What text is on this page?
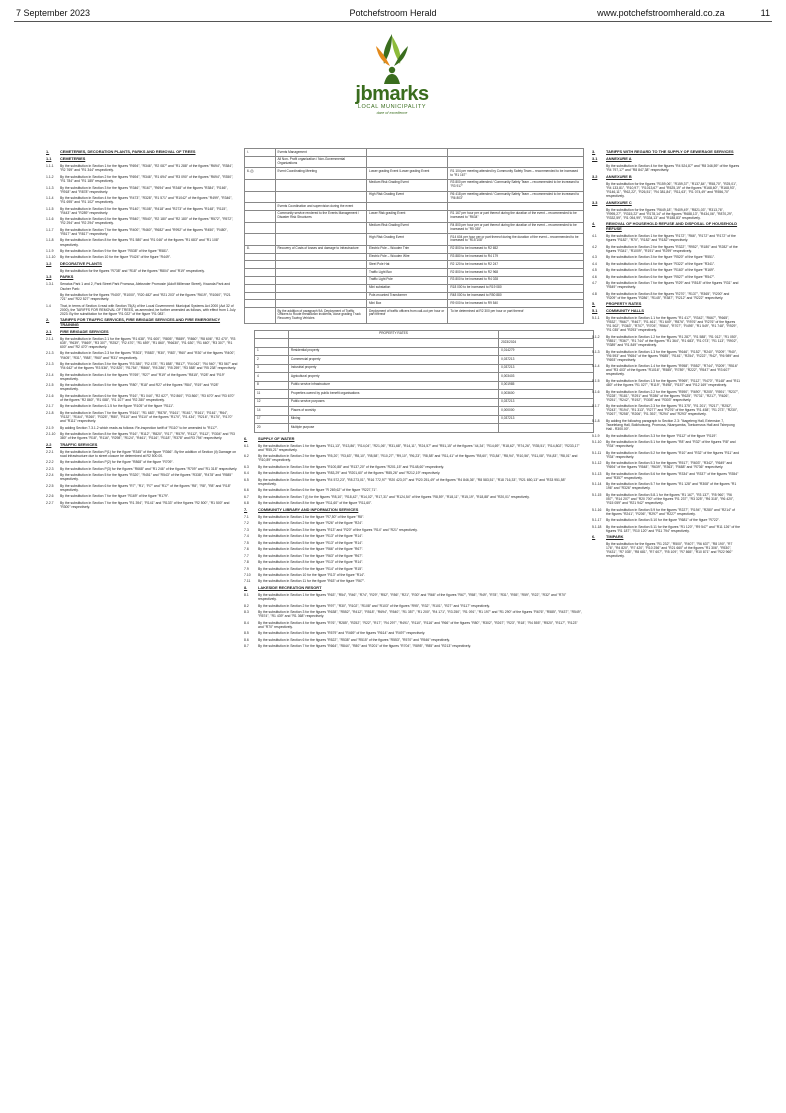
7 September 2023	Potchefstroom Herald	www.potchefstroomherald.co.za	11
jbmarks
LOCAL MUNICIPALITY
dare of excellence
1.	CEMETERIES, DECORATION PLANTS, PARKS AND REMOVAL OF TREES
1.1	CEMETERIES
1.1.1	By the substitution in Section 1 for the figures "R694", "R346", "R2 087" and "R1 288" of the figures "R694", "R384", "R2 769" and "R1 344" respectively.
1.1.2	By the substitution in Section 2 for the figures "R694", "R346", "R1 694" and "R3 090" of the figures "R694", "R350", "R1 784" and "R1 185" respectively.
1.1.3	By the substitution in Section 3 for the figures "R346", "R167", "R694" and "R348" of the figures "R384", "R166", "R918" and "R878" respectively.
1.1.4	By the substitution in Section 4 for the figures "R473", "R328", "R1 571" and "R1042" of the figures "R499", "R346", "R1 695" and "R1 102" respectively.
1.1.5	By the substitution in Section 5 for the figures "R140", "R108", "R418" and "R273" of the figures "R148", "R115", "R443" and "R289" respectively.
1.1.6	By the substitution in Section 6 for the figures "R540", "R540", "R2 180" and "R2 180" of the figures "R572", "R572", "R2 294" and "R2 294" respectively.
1.1.7	By the substitution in Section 7 for the figures "R400", "R460", "R682" and "R992" of the figures "R450", "R480", "R517" and "R817" respectively.
1.1.8	By the substitution in Section 8 for the figures "R1 580" and "R1 046" of the figures "R1 683" and "R1 108" respectively.
1.1.9	By the substitution in Section 9 for the figure "R538" of the figure "R581".
1.1.10	By the substitution in Section 10 for the figure "R424" of the figure "R449".
1.2	DECORATIVE PLANTS
By the substitution for the figures "R738" and "R18" of the figures "R804" and "R19" respectively.
1.3	PARKS
1.3.1	Senatus Park 1 and 2, Park Street Park Promosa, Aleksnder Promosie (Adolf Millerose Street), Kwanda Park and Oscher Park:
By the substitution for the figures "R400", "R1000", "R20 482" and "R21 203" of the figures "R619", "R1060", "R21 721" and "R22 527" respectively.
1.4	That, in terms of Section 4 read with Section 75(A) of the Local Government: Municipal Systems Act 2000 (Act 32 of 2000), the TARIFFS FOR REMOVAL OF TREES, as amended, be further amended as follows, with effect from 1 July 2023: By the substitution for the figure "R1 022" of the figure "R1 083".
2.	TARIFFS FOR TRAFFIC SERVICES, FIRE BRIGADE SERVICES AND FIRE EMERGENCY TRAINING
2.1	FIRE BRIGADE SERVICES
2.1.1	By the substitution in Section 2.1 for the figures "R1 638", "R1 600", "R805", "R889", "R860", "R8 606", "R2 470", "R3 635", "R639", "R669", "R3 307", "R252", "R2 470", "R1 659", "R1 860", "R6630", "R1 630", "R1 660", "R3 307", "R1 600" and "R2 470" respectively.
2.1.3	By the substitution in Section 2.3 for the figures "R303", "R583", "R30", "R83", "R60" and "R30" of the figures "R400", "R405", "R31", "R88", "R60" and "R31" respectively.
2.1.3	By the substitution in Section 3 for the figures "R3 380", "R2 478", "R1 858", "R817", "R4 042", "R4 940", "R3 567" and "R4 642" of the figures "R3 536", "R2 820", "R1754", "R866", "R5 286", "R5 259", "R3 588" and "R5 238" respectively.
2.1.4	By the substitution in Section 4 for the figures "R769", "R27" and "R19" of the figures "R815", "R28" and "R19" respectively.
2.1.5	By the substitution in Section 5 for the figures "R80", "R18" and R27 of the figures "R84", "R19" and "R28" respectively.
2.1.6	By the substitution in Section 6 for the figures "R16", "R1 044", "R2 627", "R2 860", "R3 860", "R3 670" and "R3 670" of the figures "R2 860", "R1 088", "R1 107" and "R2 280" respectively.
2.1.7	By the substitution in Section 6.1.5 for the figure "R105" of the figure "R111".
2.1.8	By the substitution in Section 7 for the figures "R161", "R1 683", "R878", "R161", "R161", "R161", "R161", "R64", "R132", "R164", "R260", "R325", "R80", "R110" and "R110" of the figures "R170", "R1 434", "R216", "R170", "R170" and "R111" respectively.
2.1.9	By adding Section 7.3.1.2 which reads as follows: Re-inspection tariff of "R110" to be amended to "R117".
2.1.10	By the substitution in Section 8 for the figures "R16", "R112", "R820", "R17", "R579", "R112", "R112", "R304" and "R3 380" of the figures "R18", "R116", "R298", "R124", "R461", "R116", "R118", "R378" and R3 794" respectively.
2.2	TRAFFIC SERVICES
2.2.1	By the substitution in Section P(1) for the figure "R345" of the figure "R366". By the addition of Section (ii) Damage on road infrastructure due to street closure be determined at R2 500.00.
2.2.2	By the substitution in Section P(2) for the figure "R868" of the figure "R709".
2.2.3	By the substitution in Section P(3) for the figures "R668" and "R1 246" of the figures "R709" and "R1 318" respectively.
2.2.4	By the substitution in Section 5 for the figures "R320", "R451" and "R543" of the figures "R338", "R478" and "R585" respectively.
2.2.5	By the substitution in Section 6 for the figures "R7", "R1", "R7" and "R17" of the figures "R8", "R8", "R8" and "R18" respectively.
2.2.6	By the substitution in Section 7 for the figure "R169" of the figure "R179".
2.2.7	By the substitution in Section 7 for the figures "R1 394", "R141" and "R133" of the figures "R2 500", "R1 500" and "R300" respectively.
i.	Events Management		
	All Non- Profit organization / Non-Governmental Organizations		
6. (i)	Event Coordinating Meeting	Lower grading Event /Lower grading Event	R1 104 per meeting attended by Community Safety Team – recommended to be increased to "R1 167"
		Medium Risk Grading Event	R3 800 per meeting attended / Community Safety Team – recommended to be increased to "R3 917"
		High Risk Grading Event	R6 418 per meeting attended / Community Safety Team – recommended to be increased to "R6 803"
	Events Coordination and supervision during the event		
	Community service rendered to the Events Management / Disaster Risk Structures	Lower Risk grading Event	R1 167 per hour per or part thereof during the duration of the event – recommended to be increased to "R634"
		Medium Risk Grading Event	R4 800 per hour per or part thereof during the duration of the event – recommended to be increased to "R5 035"
		High Risk Grading Event	R14 604 per hour per or part thereof during the duration of the event – recommended to be increased to "R15 108"
8.	Recovery of Costs of losses and damage to infrastructure	Electric Pole – Wooden Trim	R2 800 to be increased to R2 652
		Electric Pole – Wooden Wire	R3 880 to be increased to R4 179
		Steel Pole Hat	R2 120 to be increased to R2 247
		Traffic Light Box	R2 800 to be increased to R2 968
		Traffic Light Pole	R3 800 to be increased to R4 028
		Mini substation	R18 000 to be increased to R19 080
		Pole-mounted Transformer	R48 000 to be increased to R50 880
		Mini Box	R9 000 to be increased to R9 540
	By the addition of paragraph 9A: Deployment of Traffic Officers to Route breakdown incidents, close grading Truck Recovery Towing Vehicles	Deployment of traffic officers from call-out per hour or part thereof	To be determined at R2 300 per hour or part thereof
	PROPERTY RATES	
		2023/2024
1	Residential property	0,014279
2	Commercial property	0,037213
3	Industrial property	0,037213
4	Agricultural property	0,003403
8	Public service infrastructure	0,001985
11	Properties owned by public benefit organisations	0,003600
12	Public service purposes	0,037213
14	Places of worship	0,000000
17	Mining	0,037213
20	Multiple purpose	
6.	SUPPLY OF WATER
6.1	By the substitution in Section 1 for the figures "R11,13", "R13,86", "R14,04", "R21,06", "R31,68", "R14,11", "R24,57" and "R51,15" of the figures "44,34", "R14,69", "R18,62", "R74,26", "R35,51", "R14,802", "R233,17" and "R55,21" respectively.
6.2	By the substitution in Section 2 for the figures "R5,20", "R3,63", "R8,10", "R8,58", "R10,27", "R9,10", "R6,23", "R8,58" and "R11,41" of the figures "R8,60", "R3,84", "R8,94", "R10,56", "R11,08", "R4,83", "R8,01" and "R10,89" respectively.
6.3	By the substitution in Section 3 for the figures "R100,88" and "R137,20" of the figures "R201,15" and "R148,60" respectively.
6.4	By the substitution in Section 4 for the figures "R83,29" and "R201,60" of the figures "R85,26" and "R212,19" respectively.
6.5	By the substitution in Section 5 for the figures "R4 572,23", "R8 273,01", "R16 772,97" "R20 423,07" and "R20 251,49" of the figures "R4 846,36", "R8 583,51", "R18 716,33", "R21 650,13" and "R33 951,58" respectively.
6.6	By the substitution in Section 6 for the figure "R 269,62" of the figure "R227,71".
6.7	By the substitution in Section 7 (i) for the figures "R8,10", "R18,42", "R14,02", "R17,31" and "R124,54" of the figures "R8,59", "R18,11", "R15,19", "R18,88" and "R20,01" respectively.
6.8	By the substitution in Section 8 for the figure "R11,60" of the figure "R11,60".
7.	COMMUNITY LIBRARY AND INFORMATION SERVICES
7.1	By the substitution in Section 1 for the figure "R7,50" of the figure "R8".
7.2	By the substitution in Section 2 for the figure "R26" of the figure "R24".
7.3	By the substitution in Section 3 for the figures "R13" and "R20" of the figures "R14" and "R21" respectively.
7.4	By the substitution in Section 4 for the figure "R13" of the figure "R14".
7.5	By the substitution in Section 5 for the figure "R13" of the figure "R14".
7.6	By the substitution in Section 6 for the figure "R66" of the figure "R67".
7.7	By the substitution in Section 7 for the figure "R63" of the figure "R67".
7.8	By the substitution in Section 8 for the figure "R13" of the figure "R14".
7.9	By the substitution in Section 9 for the figure "R14" of the figure "R15".
7.10	By the substitution in Section 10 for the figure "R13" of the figure "R14".
7.11	By the substitution in Section 11 for the figure "R63" of the figure "R67".
8.	LAKESIDE RECREATION RESORT
8.1	By the substitution in Section 1 for the figures "R63", "R54", "R46", "R74", "R29", "R52", "R56", "R21", "R30" and "R66" of the figures "R67", "R58", "R49", "R78", "R31", "R55", "R59", "R22", "R32" and "R70" respectively.
8.2	By the substitution in Section 2 for the figures "R97", "R30", "R102", "R108" and "R103" of the figures "R95", "R32", "R101", "R27" and "R117" respectively.
8.3	By the substitution in Section 3 for the figures "R638", "R552", "R412", "R518", "R694", "R540", "R1 357", "R1 200", "R4 171", "R3 250", "R1 091", "R1 197" and "R1 290" of the figures "R676", "R585", "R437", "R549", "R574", "R1 439" and "R1 368" respectively.
8.4	By the substitution in Section 4 for the figures "R76", "R285", "R252", "R22", "R17", "R4 297", "R491", "R110", "R116" and "R66" of the figures "R80", "R302", "R267", "R23", "R18", "R4 555", "R520", "R117", "R123" and "R70" respectively.
8.5	By the substitution in Section 5 for the figures "R579" and "R469" of the figures "R614" and "R497" respectively.
8.6	By the substitution in Section 6 for the figures "R522", "R538" and "R515" of the figures "R553", "R570" and "R546" respectively.
8.7	By the substitution in Section 7 for the figures "R664", "R844", "R80" and "R201" of the figures "R704", "R895", "R85" and "R213" respectively.
3.	TARIFFS WITH REGARD TO THE SUPPLY OF SEWERAGE SERVICES
3.1	ANNEXURE A
By the substitution in Section 4 for the figures "R4 524,87" and "R8 346,59" of the figures "R4 797,17" and "R8 847,38" respectively.
3.2	ANNEXURE B
By the substitution for the figures "R159,06", "R159,37", "R137,84", "R58,70", "R25,01", "R4 133,81", "R10,97", "R1013,67" and "R525,19" of the figures "R168,60", "R168,93", "R146,11", "R62,22", "R26,51", "R4 381,84", "R11,63", "R1 074,49" and "R556,70" respectively.
3.3	ANNEXURE C
By the substitution for the figures "R649,18", "R409,49", "R821,03", "R313,76", "R995,27", "R315,22" and "R178,14" of the figures "R688,13", "R434,06", "R870,29", "R332,59", "R1 054,99", "R334,13" and "R188,83" respectively.
4.	REMOVAL OF HOUSEHOLD REFUSE AND DISPOSAL OF HOUSEHOLD REFUSE
4.1	By the substitution in Section 1 for the figures "R172", "R66", "R172" and "R172" of the figures "R182", "R70", "R182" and "R182" respectively.
4.2	By the substitution in Section 2 for the figures "R322", "R952", "R180" and "R282" of the figures "R341", "R1009", "R191" and "R299" respectively.
4.3	By the substitution in Section 3 for the figure "R520" of the figure "R551".
4.4	By the substitution in Section 4 for the figure "R322" of the figure "R341".
4.5	By the substitution in Section 5 for the figure "R160" of the figure "R169".
4.6	By the substitution in Section 6 for the figure "R527" of the figure "R547".
4.7	By the substitution in Section 7 for the figures "R29" and "R518" of the figures "R31" and "R549" respectively.
4.8	By the substitution in Section 8 for the figures "R270", "R137", "R365", "R200" and "R209" of the figures "R286", "R145", "R387", "R212" and "R222" respectively.
5.	PROPERTY RATES
5.1	COMMUNITY HALLS
5.1.1	By the substitution in Section 1.1 for the figures "R1 417", "R342", "R667", "R665", "R532", "R667", "R467", "R1 461", "R1 649", "R876", "R976" and "R276" of the figures "R1 502", "R363", "R707", "R705", "R564", "R707", "R495", "R1 549", "R1 748", "R929", "R1 035" and "R293" respectively.
5.1.2	By the substitution in Section 1.2 for the figures "R1 287", "R1 588", "R1 012", "R1 050", "R851", "R367", "R1 744" of the figures "R1 364", "R1 683", "R1 073", "R1 113", "R902", "R389" and "R1 849" respectively.
5.1.3	By the substitution in Section 1.3 for the figures "R646", "R152", "R240", "R209", "R40", "R6 593" and "R654" of the figures "R685", "R161", "R254", "R222", "R42", "R6 989" and "R693" respectively.
5.1.4	By the substitution in Section 1.4 for the figures "R958", "R552", "R744", "R209", "R516" and "R3 403" of the figures "R1016", "R585", "R789", "R222", "R547" and "R3 607" respectively.
5.1.5	By the substitution in Section 1.5 for the figures "R969", "R112", "R470", "R148" and "R11 480" of the figures "R1 027", "R119", "R498", "R157" and "R12 169" respectively.
5.1.6	By the substitution in Section 2.2 for the figures "R590", "R690", "R205", "R591", "R237", "R228", "R181", "R291" and "R286" of the figures "R625", "R731", "R217", "R626", "R251", "R242", "R192", "R308" and "R303" respectively.
5.1.7	By the substitution in Section 2.3 for the figures "R1 375", "R1 201", "R217", "R252", "R243", "R194", "R1 313", "R277" and "R276" of the figures "R1 458", "R1 273", "R230", "R267", "R258", "R206", "R1 392", "R294" and "R293" respectively.
5.1.8	By adding the following paragraph to Section 2.3: "Ikageleng Hall, Extension 7, Tswelelang Hall, Boikhutsong, Promosa, Nkanyamba, Toekomsrus Hall and Tshepong Hall - R300.00".
5.1.9	By the substitution in Section 3.3 for the figure "R112" of the figure "R119".
5.1.10	By the substitution in Section 5.1 for the figures "R8" and "R32" of the figures "R8" and "R34" respectively.
5.1.11	By the substitution in Section 5.2 for the figures "R10" and "R32" of the figures "R11" and "R34" respectively.
5.1.12	By the substitution in Section 5.3 for the figures "R517", "R603", "R342", "R649" and "R694" of the figures "R548", "R639", "R363", "R688" and "R736" respectively.
5.1.13	By the substitution in Section 5.6 for the figures "R334" and "R337" of the figures "R354" and "R357" respectively.
5.1.14	By the substitution in Section 5.7 for the figures "R1 128" and "R308" of the figures "R1 196" and "R326" respectively.
5.1.15	By the substitution in Section 5.8.1 for the figures "R1 167", "R3 137", "R5 960", "R6 057", "R14 207" and "R20 700" of the figures "R1 237", "R3 325", "R6 318", "R6 420", "R15 059" and "R21 942" respectively.
5.1.16	By the substitution in Section 5.9 for the figures "R227", "R194", "R280" and "R214" of the figures "R241", "R206", "R297" and "R227" respectively.
5.1.17	By the substitution in Section 5.10 for the figure "R681" of the figure "R722".
5.1.18	By the substitution in Section 5.11 for the figures "R1 120", "R9 547" and "R11 126" of the figures "R1 187", "R10 120" and "R11 794" respectively.
6.	TIMPARK
By the substitution for the figures "R1 232", "R500", "R407", "R6 637", "R8 190", "R7 176", "R4 820", "R7 420", "R10 256" and "R21 660" of the figures "R1 306", "R530", "R431", "R7 035", "R8 681", "R7 607", "R5 109", "R7 865", "R10 871" and "R22 960" respectively.
